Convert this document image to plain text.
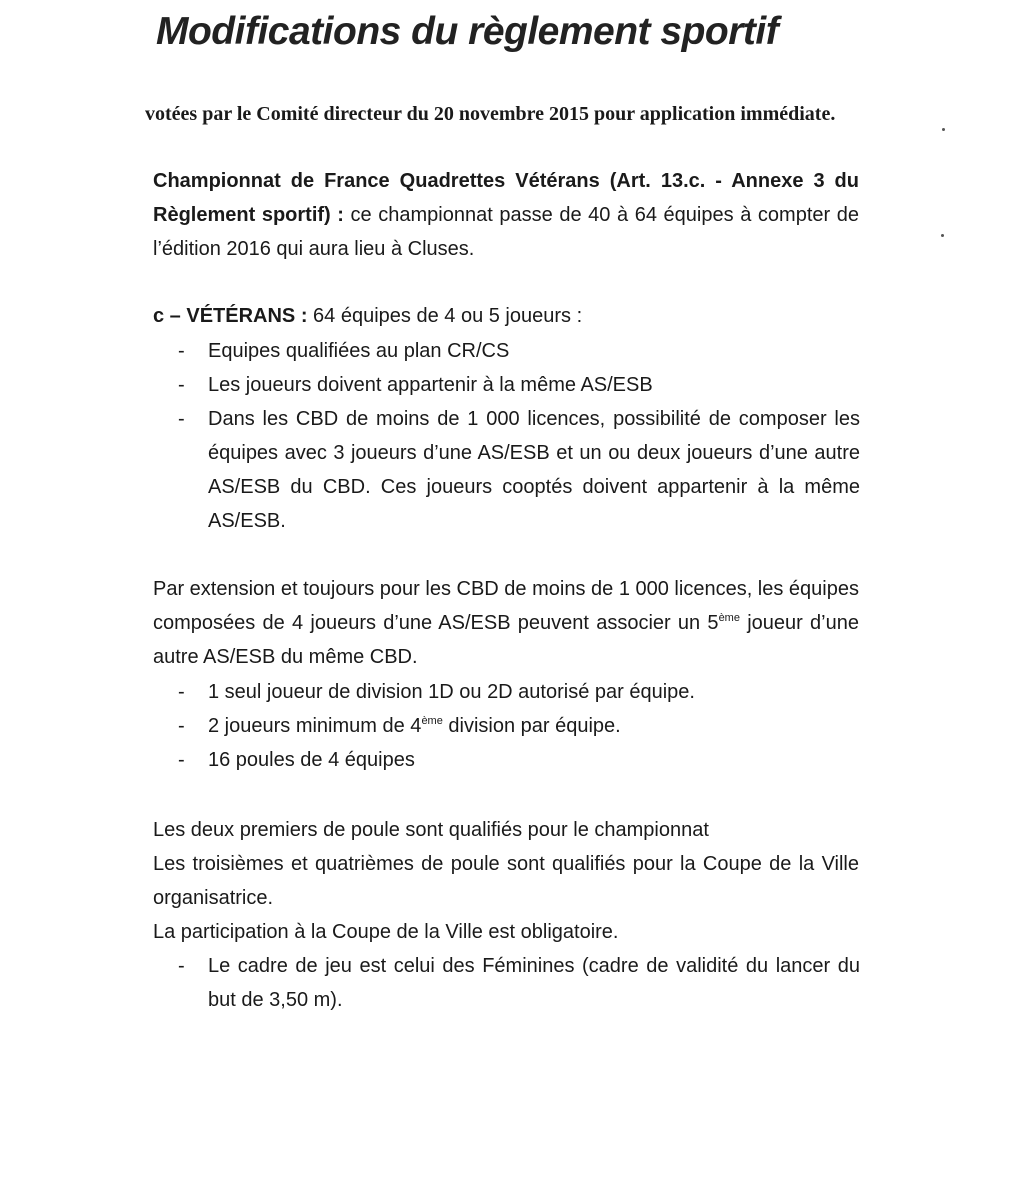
Modifications du règlement sportif
votées par le Comité directeur du 20 novembre 2015 pour application immédiate.
Championnat de France Quadrettes Vétérans (Art. 13.c. - Annexe 3 du Règlement sportif) : ce championnat passe de 40 à 64 équipes à compter de l’édition 2016 qui aura lieu à Cluses.
c – VÉTÉRANS : 64 équipes de 4 ou 5 joueurs :
- Equipes qualifiées au plan CR/CS
- Les joueurs doivent appartenir à la même AS/ESB
- Dans les CBD de moins de 1 000 licences, possibilité de composer les équipes avec 3 joueurs d’une AS/ESB et un ou deux joueurs d’une autre AS/ESB du CBD. Ces joueurs cooptés doivent appartenir à la même AS/ESB.
Par extension et toujours pour les CBD de moins de 1 000 licences, les équipes composées de 4 joueurs d’une AS/ESB peuvent associer un 5ème joueur d’une autre AS/ESB du même CBD.
- 1 seul joueur de division 1D ou 2D autorisé par équipe.
- 2 joueurs minimum de 4ème division par équipe.
- 16 poules de 4 équipes
Les deux premiers de poule sont qualifiés pour le championnat
Les troisièmes et quatrièmes de poule sont qualifiés pour la Coupe de la Ville organisatrice.
La participation à la Coupe de la Ville est obligatoire.
- Le cadre de jeu est celui des Féminines (cadre de validité du lancer du but de 3,50 m).
